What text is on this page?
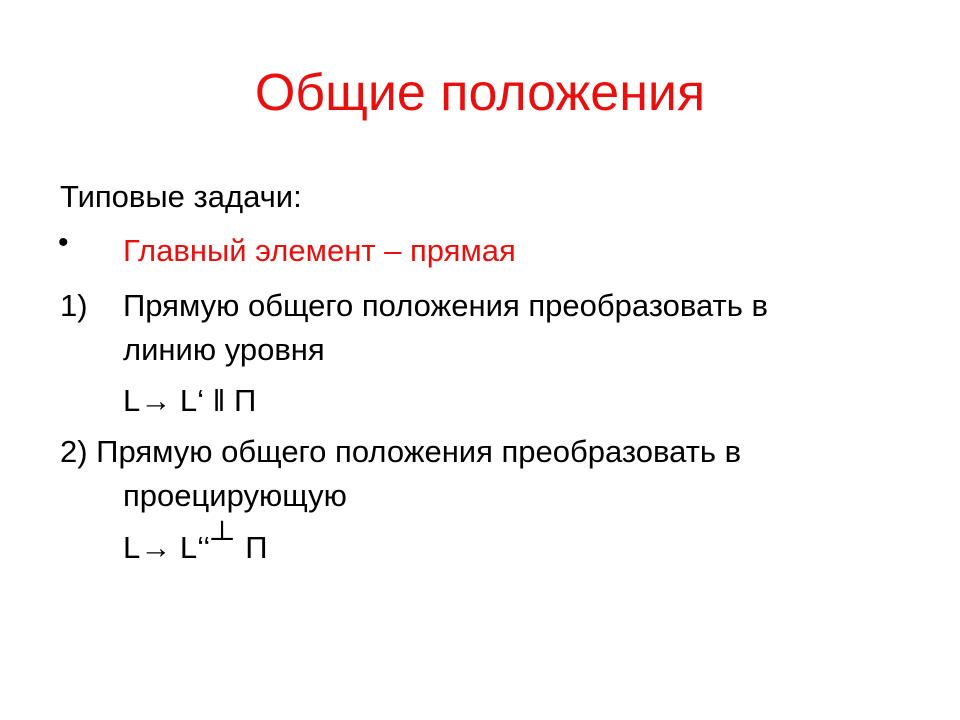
Общие положения
Типовые задачи:
• Главный элемент – прямая
1) Прямую общего положения преобразовать в
линию уровня
L→ L‘ ǁ П
2) Прямую общего положения преобразовать в
проецирующую
L→ L‘‘┴ П
